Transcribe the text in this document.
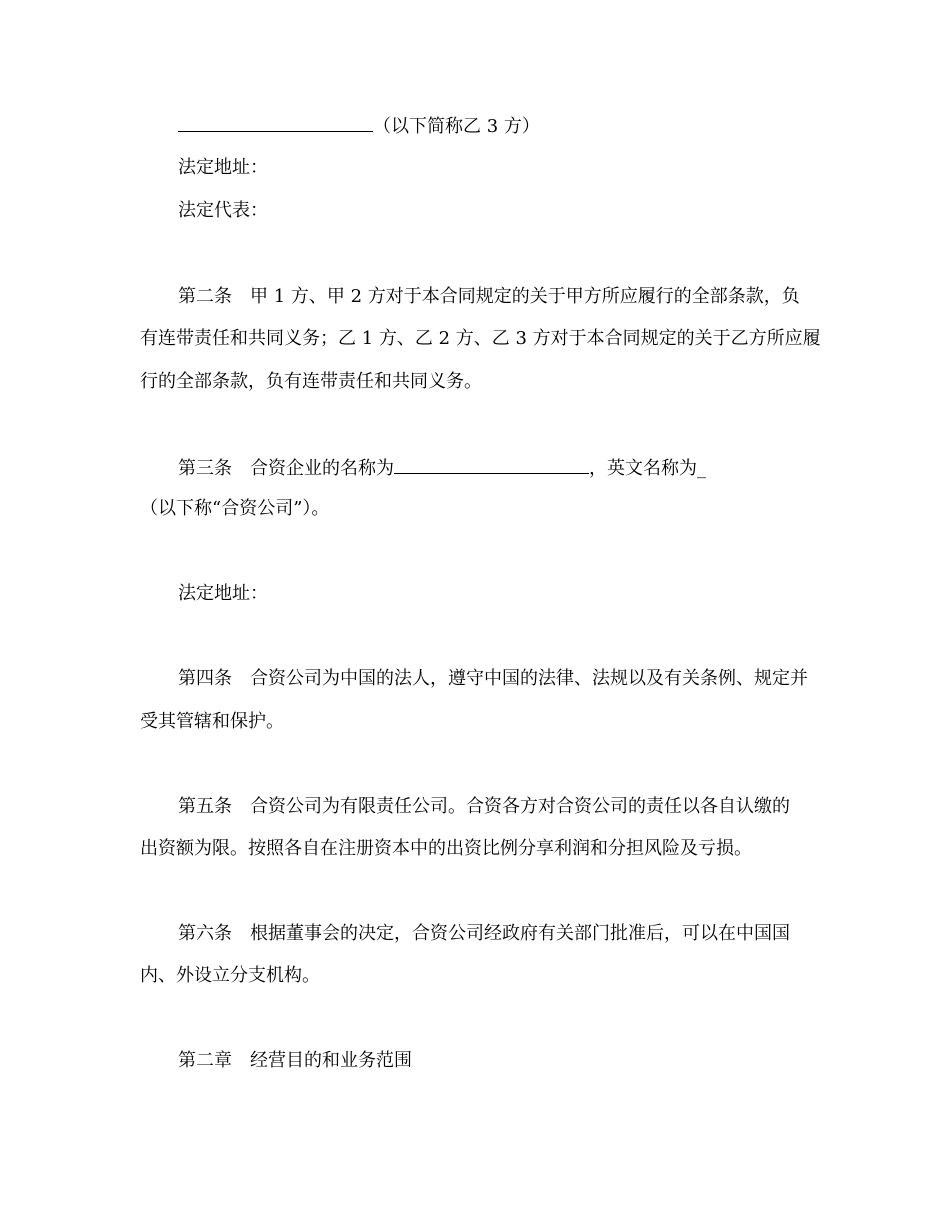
（以下简称乙 3 方）
法定地址：
法定代表：
第二条 甲 1 方、甲 2 方对于本合同规定的关于甲方所应履行的全部条款，负
有连带责任和共同义务；乙 1 方、乙 2 方、乙 3 方对于本合同规定的关于乙方所应履
行的全部条款，负有连带责任和共同义务。
第三条 合资企业的名称为	，英文名称为_
（以下称“合资公司”）。
法定地址：
第四条 合资公司为中国的法人，遵守中国的法律、法规以及有关条例、规定并
受其管辖和保护。
第五条 合资公司为有限责任公司。合资各方对合资公司的责任以各自认缴的
出资额为限。按照各自在注册资本中的出资比例分享利润和分担风险及亏损。
第六条 根据董事会的决定，合资公司经政府有关部门批准后，可以在中国国
内、外设立分支机构。
第二章 经营目的和业务范围
